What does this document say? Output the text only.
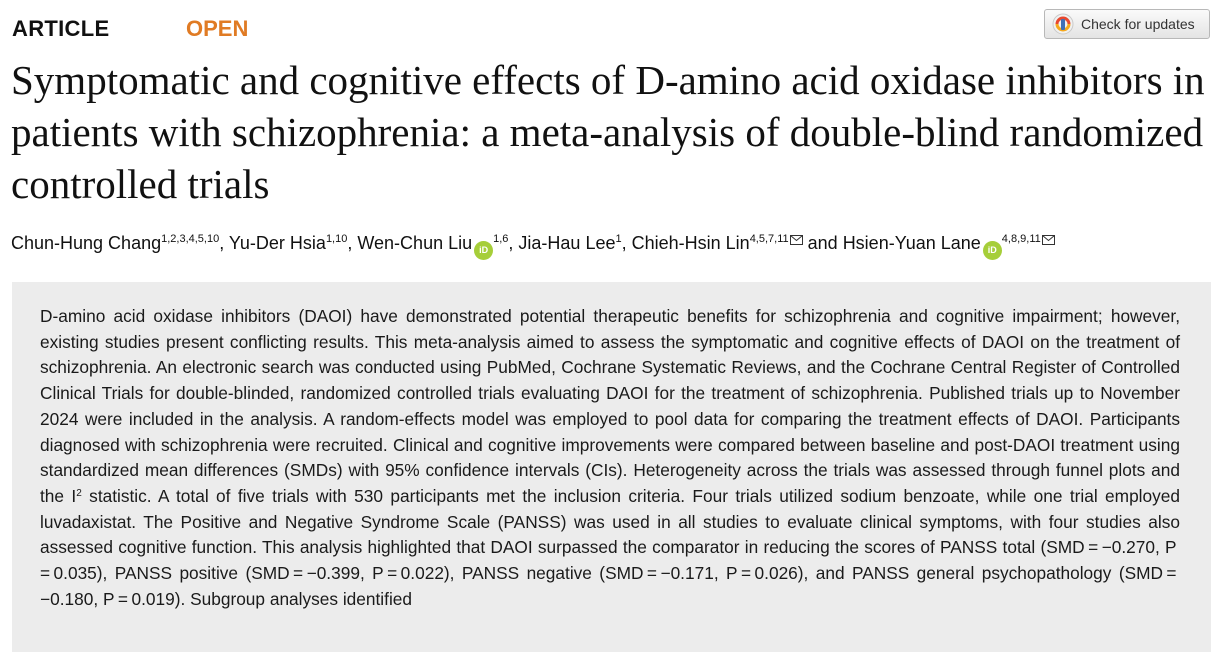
ARTICLE	OPEN	Check for updates
Symptomatic and cognitive effects of D-amino acid oxidase inhibitors in patients with schizophrenia: a meta-analysis of double-blind randomized controlled trials
Chun-Hung Chang$^{1,2,3,4,5,10}$, Yu-Der Hsia$^{1,10}$, Wen-Chun Liu iD$^{1,6}$, Jia-Hau Lee$^1$, Chieh-Hsin Lin$^{4,5,7,11}$ and Hsien-Yuan Lane iD$^{4,8,9,11}$

D-amino acid oxidase inhibitors (DAOI) have demonstrated potential therapeutic benefits for schizophrenia and cognitive impairment; however, existing studies present conflicting results. This meta-analysis aimed to assess the symptomatic and cognitive effects of DAOI on the treatment of schizophrenia. An electronic search was conducted using PubMed, Cochrane Systematic Reviews, and the Cochrane Central Register of Controlled Clinical Trials for double-blinded, randomized controlled trials evaluating DAOI for the treatment of schizophrenia. Published trials up to November 2024 were included in the analysis. A random-effects model was employed to pool data for comparing the treatment effects of DAOI. Participants diagnosed with schizophrenia were recruited. Clinical and cognitive improvements were compared between baseline and post-DAOI treatment using standardized mean differences (SMDs) with 95% confidence intervals (CIs). Heterogeneity across the trials was assessed through funnel plots and the $I^2$ statistic. A total of five trials with 530 participants met the inclusion criteria. Four trials utilized sodium benzoate, while one trial employed luvadaxistat. The Positive and Negative Syndrome Scale (PANSS) was used in all studies to evaluate clinical symptoms, with four studies also assessed cognitive function. This analysis highlighted that DAOI surpassed the comparator in reducing the scores of PANSS total (SMD = −0.270, P = 0.035), PANSS positive (SMD = −0.399, P = 0.022), PANSS negative (SMD = −0.171, P = 0.026), and PANSS general psychopathology (SMD = −0.180, P = 0.019). Subgroup analyses identified
